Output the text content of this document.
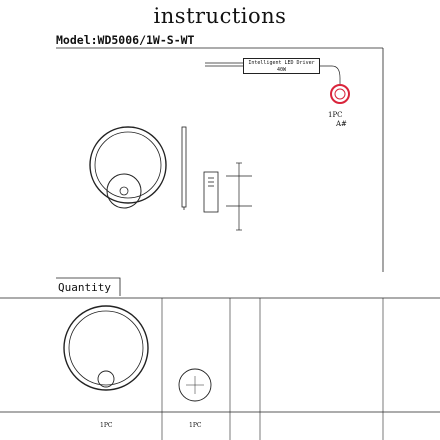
instructions
Model:WD5006/1W-S-WT
Intelligent LED Driver
40W
1PC
A#
Quantity
1PC	1PC
